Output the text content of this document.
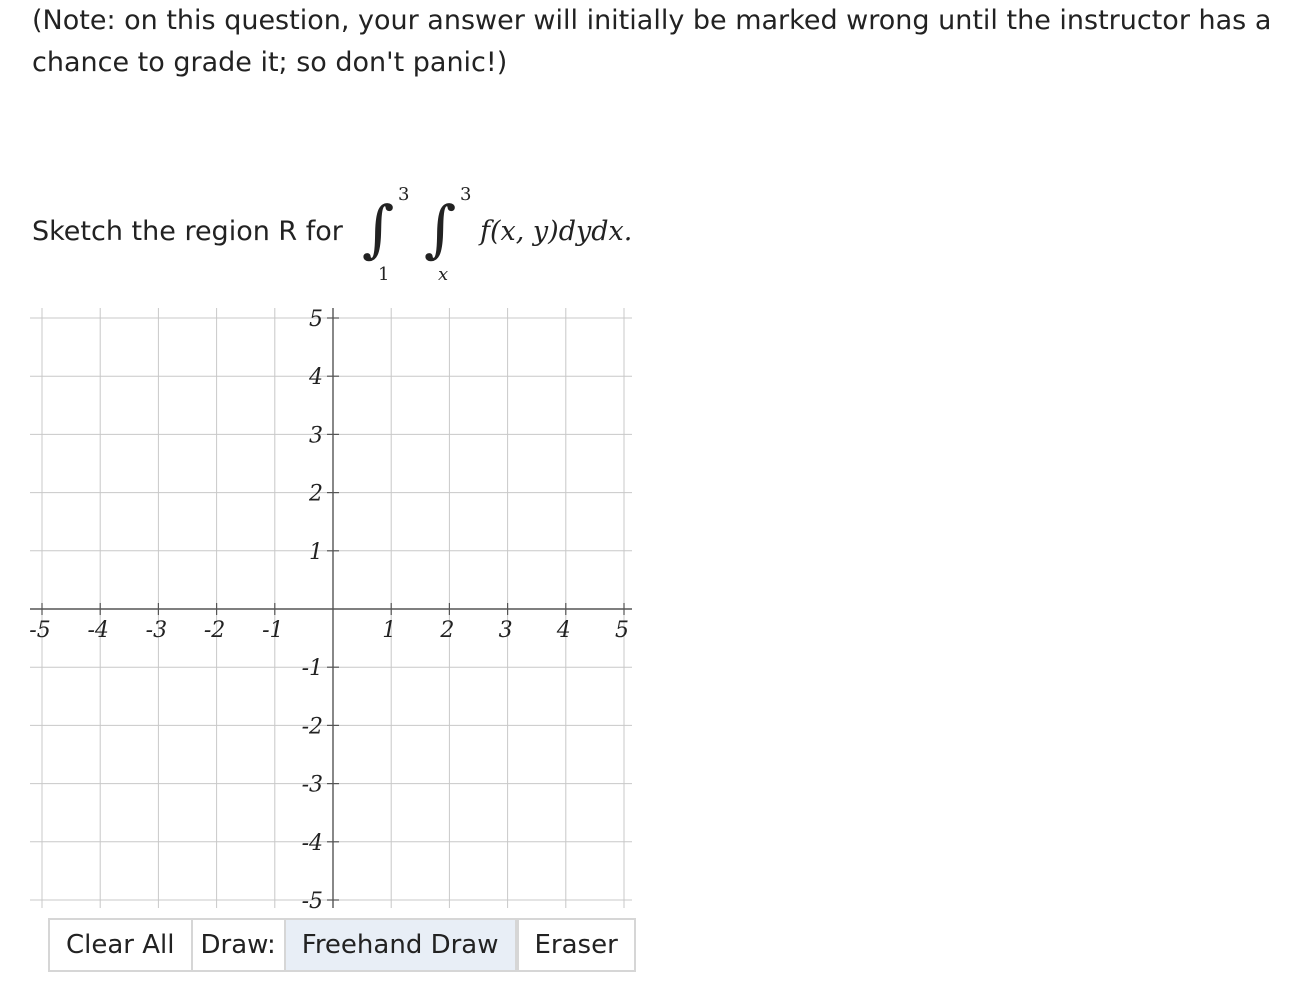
(Note: on this question, your answer will initially be marked wrong until the instructor has a chance to grade it; so don't panic!)

Sketch the region R for ∫ 3
1
∫ 3
x
f(x, y)dydx.
-5 -4 -3 -2 -1	1 2 3 4 5
5
4
3
2
1
-1
-2
-3
-4
-5
Clear All	Draw:	Freehand Draw	Eraser
